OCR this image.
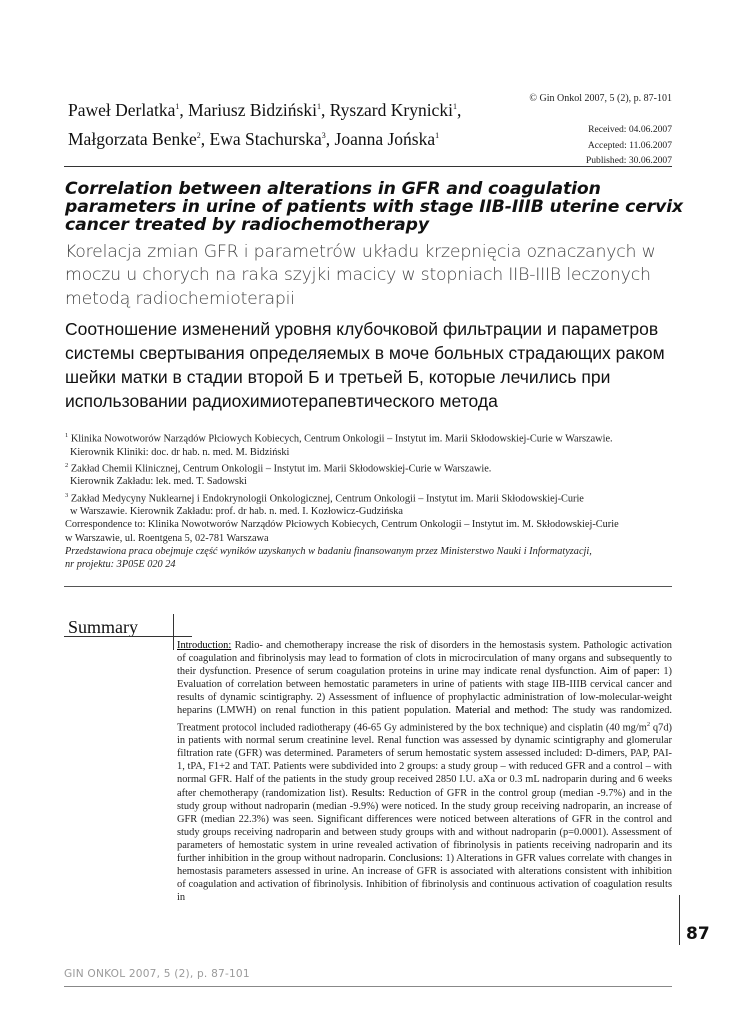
Paweł Derlatka$^1$, Mariusz Bidziński$^1$, Ryszard Krynicki$^1$,
Małgorzata Benke$^2$, Ewa Stachurska$^3$, Joanna Jońska$^1$
© Gin Onkol 2007, 5 (2), p. 87-101
Received: 04.06.2007
Accepted: 11.06.2007
Published: 30.06.2007
Correlation between alterations in GFR and coagulation parameters in urine of patients with stage IIB-IIIB uterine cervix cancer treated by radiochemotherapy
Korelacja zmian GFR i parametrów układu krzepnięcia oznaczanych w moczu u chorych na raka szyjki macicy w stopniach IIB-IIIB leczonych metodą radiochemioterapii
Соотношение изменений уровня клубочковой фильтрации и параметров системы свертывания определяемых в моче больных страдающих раком шейки матки в стадии второй Б и третьей Б, которые лечились при использовании радиохимиотерапевтического метода
$^1$ Klinika Nowotworów Narządów Płciowych Kobiecych, Centrum Onkologii – Instytut im. Marii Skłodowskiej-Curie w Warszawie.
Kierownik Kliniki: doc. dr hab. n. med. M. Bidziński
$^2$ Zakład Chemii Klinicznej, Centrum Onkologii – Instytut im. Marii Skłodowskiej-Curie w Warszawie.
Kierownik Zakładu: lek. med. T. Sadowski
$^3$ Zakład Medycyny Nuklearnej i Endokrynologii Onkologicznej, Centrum Onkologii – Instytut im. Marii Skłodowskiej-Curie
w Warszawie. Kierownik Zakładu: prof. dr hab. n. med. I. Kozłowicz-Gudzińska
Correspondence to: Klinika Nowotworów Narządów Płciowych Kobiecych, Centrum Onkologii – Instytut im. M. Skłodowskiej-Curie
w Warszawie, ul. Roentgena 5, 02-781 Warszawa
Przedstawiona praca obejmuje część wyników uzyskanych w badaniu finansowanym przez Ministerstwo Nauki i Informatyzacji,
nr projektu: 3P05E 020 24
Summary
Introduction: Radio- and chemotherapy increase the risk of disorders in the hemostasis system. Pathologic activation of coagulation and fibrinolysis may lead to formation of clots in microcirculation of many organs and subsequently to their dysfunction. Presence of serum coagulation proteins in urine may indicate renal dysfunction. Aim of paper: 1) Evaluation of correlation between hemostatic parameters in urine of patients with stage IIB-IIIB cervical cancer and results of dynamic scintigraphy. 2) Assessment of influence of prophylactic administration of low-molecular-weight heparins (LMWH) on renal function in this patient population. Material and method: The study was randomized. Treatment protocol included radiotherapy (46-65 Gy administered by the box technique) and cisplatin (40 $mg/m^2$ q7d) in patients with normal serum creatinine level. Renal function was assessed by dynamic scintigraphy and glomerular filtration rate (GFR) was determined. Parameters of serum hemostatic system assessed included: D-dimers, PAP, PAI-1, tPA, F1+2 and TAT. Patients were subdivided into 2 groups: a study group – with reduced GFR and a control – with normal GFR. Half of the patients in the study group received 2850 I.U. aXa or 0.3 mL nadroparin during and 6 weeks after chemotherapy (randomization list). Results: Reduction of GFR in the control group (median -9.7%) and in the study group without nadroparin (median -9.9%) were noticed. In the study group receiving nadroparin, an increase of GFR (median 22.3%) was seen. Significant differences were noticed between alterations of GFR in the control and study groups receiving nadroparin and between study groups with and without nadroparin (p=0.0001). Assessment of parameters of hemostatic system in urine revealed activation of fibrinolysis in patients receiving nadroparin and its further inhibition in the group without nadroparin. Conclusions: 1) Alterations in GFR values correlate with changes in hemostasis parameters assessed in urine. An increase of GFR is associated with alterations consistent with inhibition of coagulation and activation of fibrinolysis. Inhibition of fibrinolysis and continuous activation of coagulation results in
87
GIN ONKOL 2007, 5 (2), p. 87-101
